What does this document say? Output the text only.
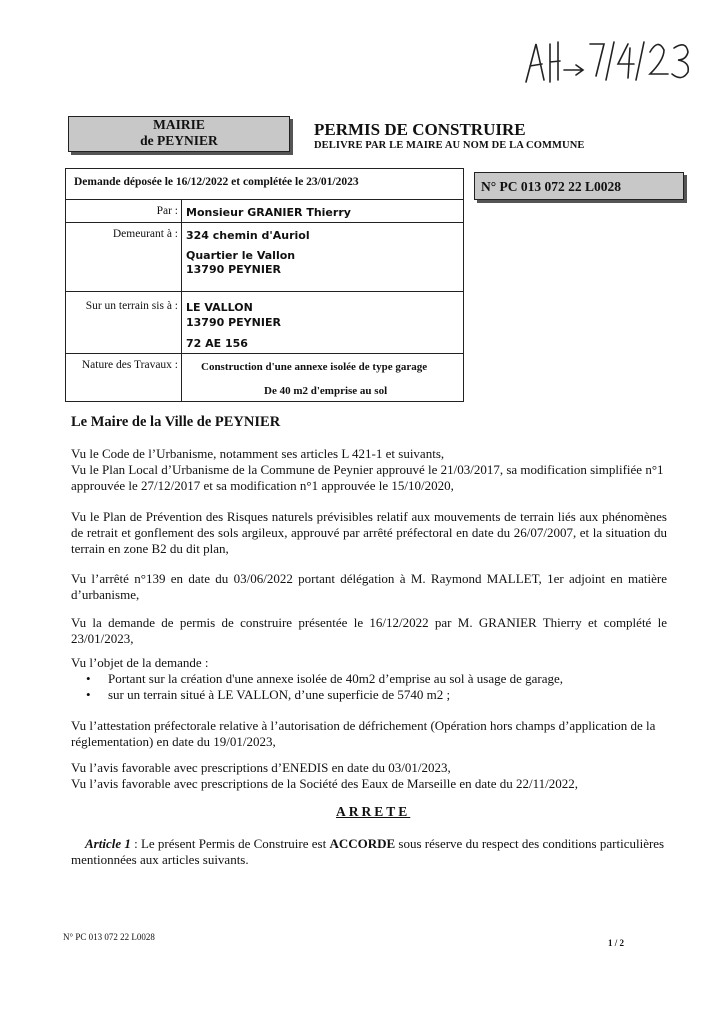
MAIRIE
de PEYNIER
PERMIS DE CONSTRUIRE
DELIVRE PAR LE MAIRE AU NOM DE LA COMMUNE
N° PC 013 072 22 L0028
Demande déposée le 16/12/2022 et complétée le 23/01/2023
Par : Monsieur GRANIER Thierry
Demeurant à : 324 chemin d'Auriol
Quartier le Vallon
13790 PEYNIER
Sur un terrain sis à : LE VALLON
13790 PEYNIER
72 AE 156
Nature des Travaux : Construction d'une annexe isolée de type garage
De 40 m2 d'emprise au sol
Le Maire de la Ville de PEYNIER
Vu le Code de l’Urbanisme, notamment ses articles L 421-1 et suivants,
Vu le Plan Local d’Urbanisme de la Commune de Peynier approuvé le 21/03/2017, sa modification simplifiée n°1 approuvée le 27/12/2017 et sa modification n°1 approuvée le 15/10/2020,
Vu le Plan de Prévention des Risques naturels prévisibles relatif aux mouvements de terrain liés aux phénomènes de retrait et gonflement des sols argileux, approuvé par arrêté préfectoral en date du 26/07/2007, et la situation du terrain en zone B2 du dit plan,
Vu l’arrêté n°139 en date du 03/06/2022 portant délégation à M. Raymond MALLET, 1er adjoint en matière d’urbanisme,
Vu la demande de permis de construire présentée le 16/12/2022 par M. GRANIER Thierry et complété le 23/01/2023,
Vu l’objet de la demande :
•	Portant sur la création d'une annexe isolée de 40m2 d’emprise au sol à usage de garage,
•	sur un terrain situé à LE VALLON, d’une superficie de 5740 m2 ;
Vu l’attestation préfectorale relative à l’autorisation de défrichement (Opération hors champs d’application de la réglementation) en date du 19/01/2023,
Vu l’avis favorable avec prescriptions d’ENEDIS en date du 03/01/2023,
Vu l’avis favorable avec prescriptions de la Société des Eaux de Marseille en date du 22/11/2022,
ARRETE
Article 1 : Le présent Permis de Construire est ACCORDE sous réserve du respect des conditions particulières mentionnées aux articles suivants.
N° PC 013 072 22 L0028
1 / 2
